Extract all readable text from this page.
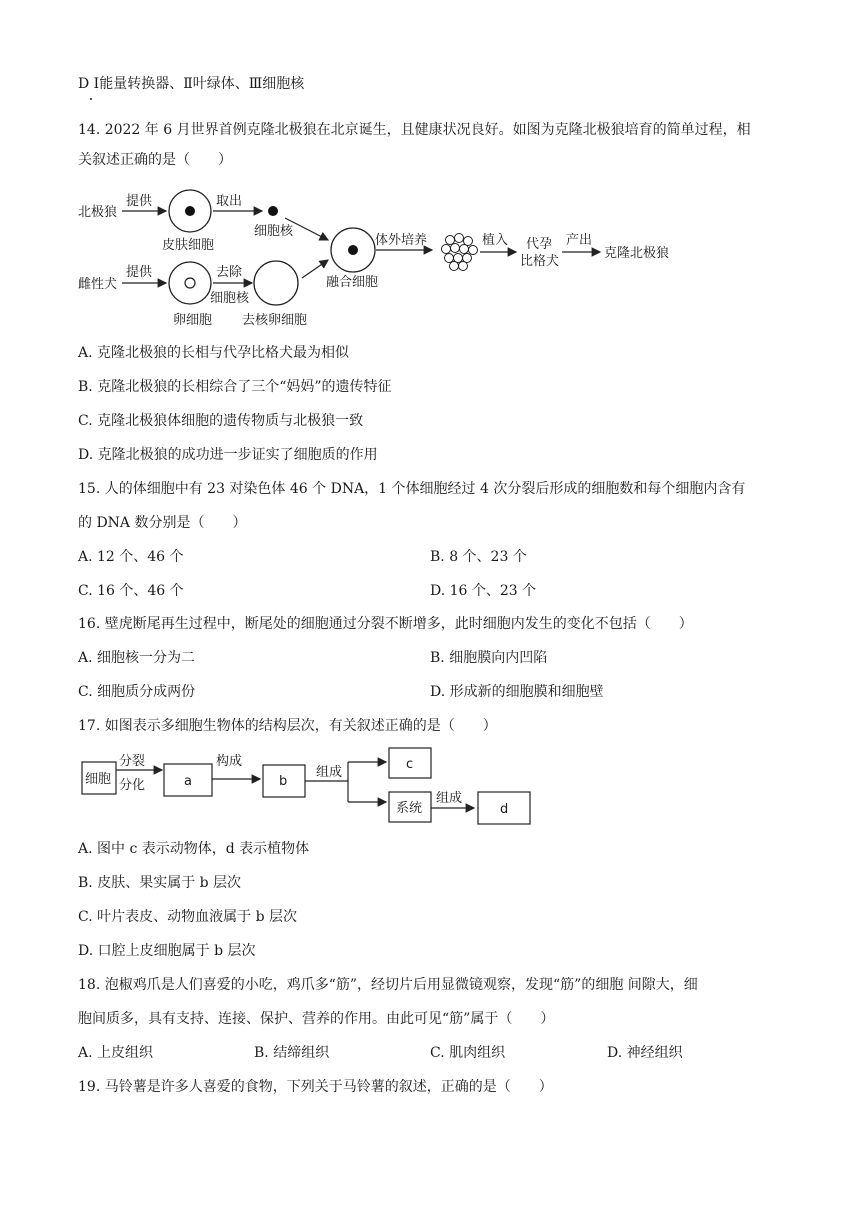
D Ⅰ能量转换器、Ⅱ叶绿体、Ⅲ细胞核
14. 2022 年 6 月世界首例克隆北极狼在北京诞生，且健康状况良好。如图为克隆北极狼培育的简单过程，相
关叙述正确的是（　　）
北极狼
提供
皮肤细胞
取出
细胞核
雌性犬
提供
卵细胞
去除
细胞核
去核卵细胞
融合细胞
体外培养	植入 代孕
比格犬
产出
克隆北极狼
A. 克隆北极狼的长相与代孕比格犬最为相似
B. 克隆北极狼的长相综合了三个“妈妈”的遗传特征
C. 克隆北极狼体细胞的遗传物质与北极狼一致
D. 克隆北极狼的成功进一步证实了细胞质的作用
15. 人的体细胞中有 23 对染色体 46 个 DNA，1 个体细胞经过 4 次分裂后形成的细胞数和每个细胞内含有
的 DNA 数分别是（　　）
A. 12 个、46 个	B. 8 个、23 个
C. 16 个、46 个	D. 16 个、23 个
16. 壁虎断尾再生过程中，断尾处的细胞通过分裂不断增多，此时细胞内发生的变化不包括（　　）
A. 细胞核一分为二	B. 细胞膜向内凹陷
C. 细胞质分成两份	D. 形成新的细胞膜和细胞壁
17. 如图表示多细胞生物体的结构层次，有关叙述正确的是（　　）
细胞
分裂
分化	a
构成
b
组成
c
系统
组成
d
A. 图中 c 表示动物体，d 表示植物体
B. 皮肤、果实属于 b 层次
C. 叶片表皮、动物血液属于 b 层次
D. 口腔上皮细胞属于 b 层次
18. 泡椒鸡爪是人们喜爱的小吃，鸡爪多“筋”，经切片后用显微镜观察，发现“筋”的细胞 间隙大，细
胞间质多，具有支持、连接、保护、营养的作用。由此可见“筋”属于（　　）
A. 上皮组织	B. 结缔组织	C. 肌肉组织	D. 神经组织
19. 马铃薯是许多人喜爱的食物，下列关于马铃薯的叙述，正确的是（　　）
